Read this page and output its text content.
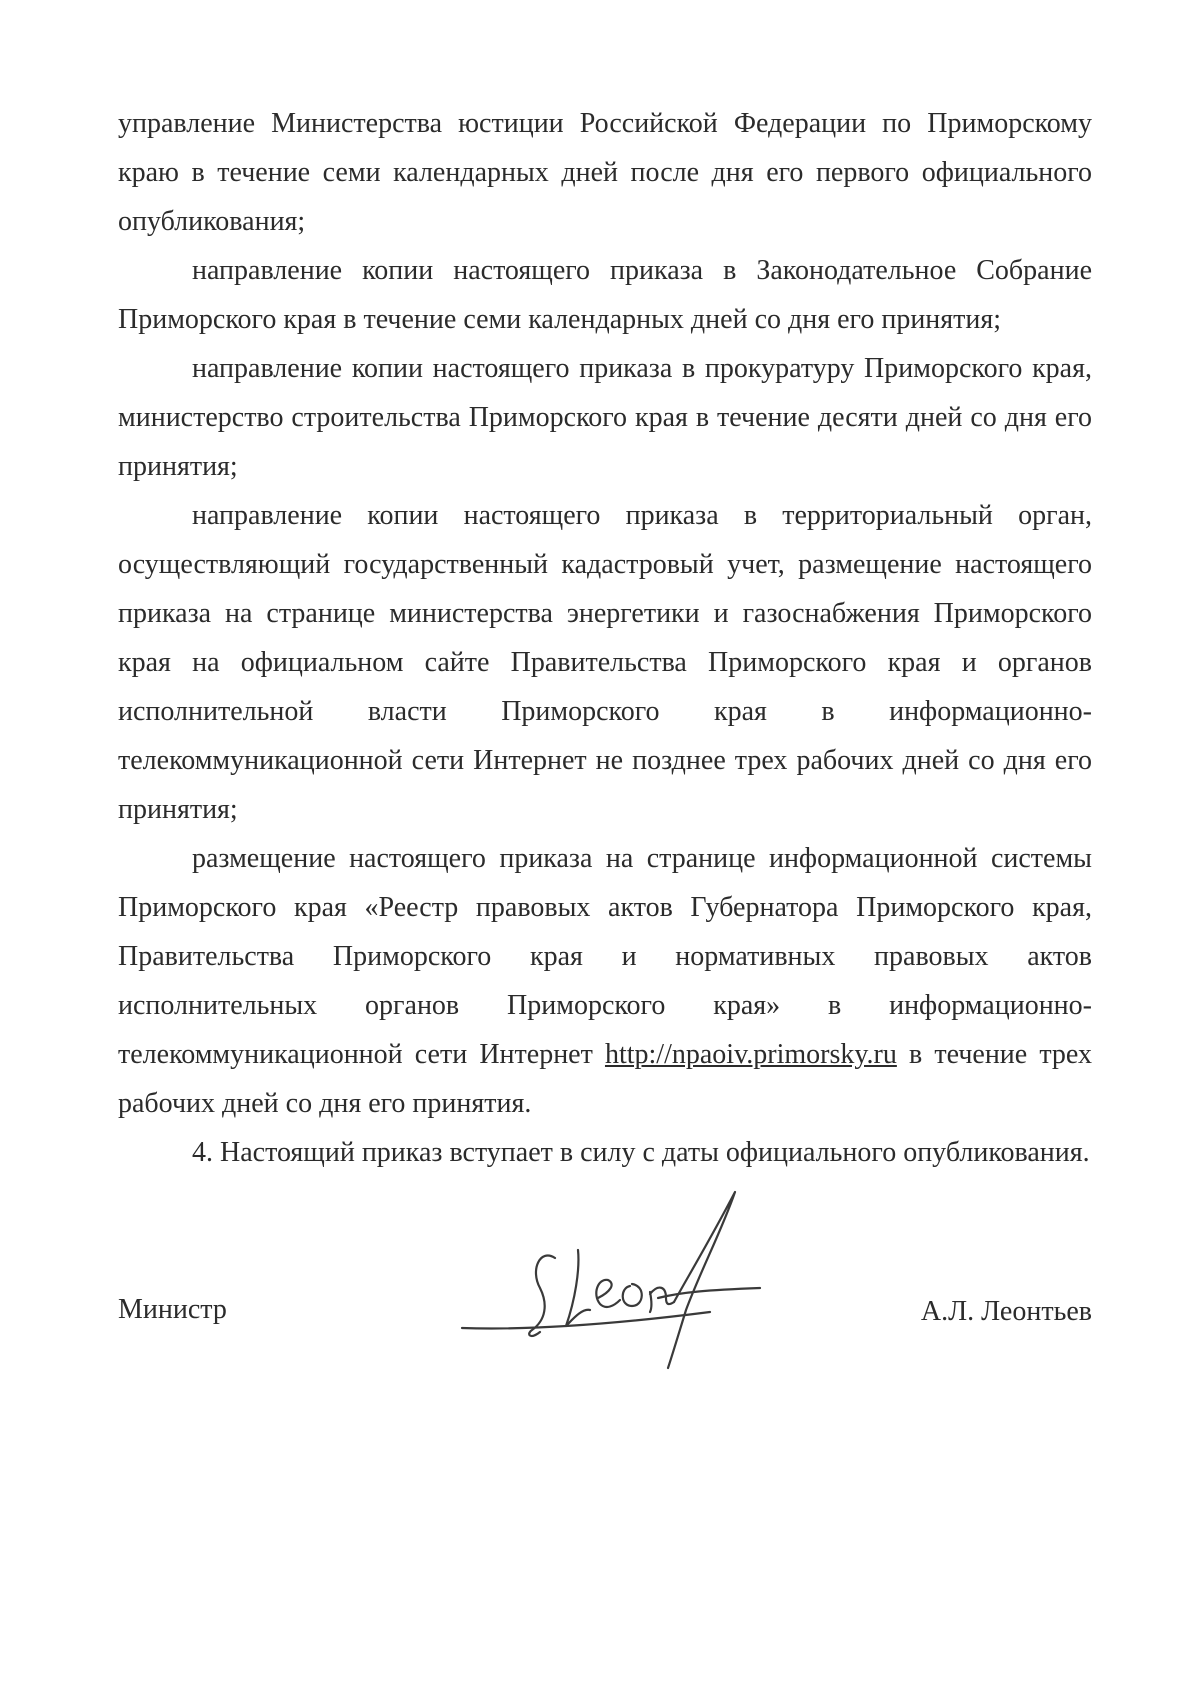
управление Министерства юстиции Российской Федерации по Приморскому краю в течение семи календарных дней после дня его первого официального опубликования;

направление копии настоящего приказа в Законодательное Собрание Приморского края в течение семи календарных дней со дня его принятия;

направление копии настоящего приказа в прокуратуру Приморского края, министерство строительства Приморского края в течение десяти дней со дня его принятия;

направление копии настоящего приказа в территориальный орган, осуществляющий государственный кадастровый учет, размещение настоящего приказа на странице министерства энергетики и газоснабжения Приморского края на официальном сайте Правительства Приморского края и органов исполнительной власти Приморского края в информационно-телекоммуникационной сети Интернет не позднее трех рабочих дней со дня его принятия;

размещение настоящего приказа на странице информационной системы Приморского края «Реестр правовых актов Губернатора Приморского края, Правительства Приморского края и нормативных правовых актов исполнительных органов Приморского края» в информационно-телекоммуникационной сети Интернет http://npaoiv.primorsky.ru в течение трех рабочих дней со дня его принятия.

4. Настоящий приказ вступает в силу с даты официального опубликования.

Министр	А.Л. Леонтьев
